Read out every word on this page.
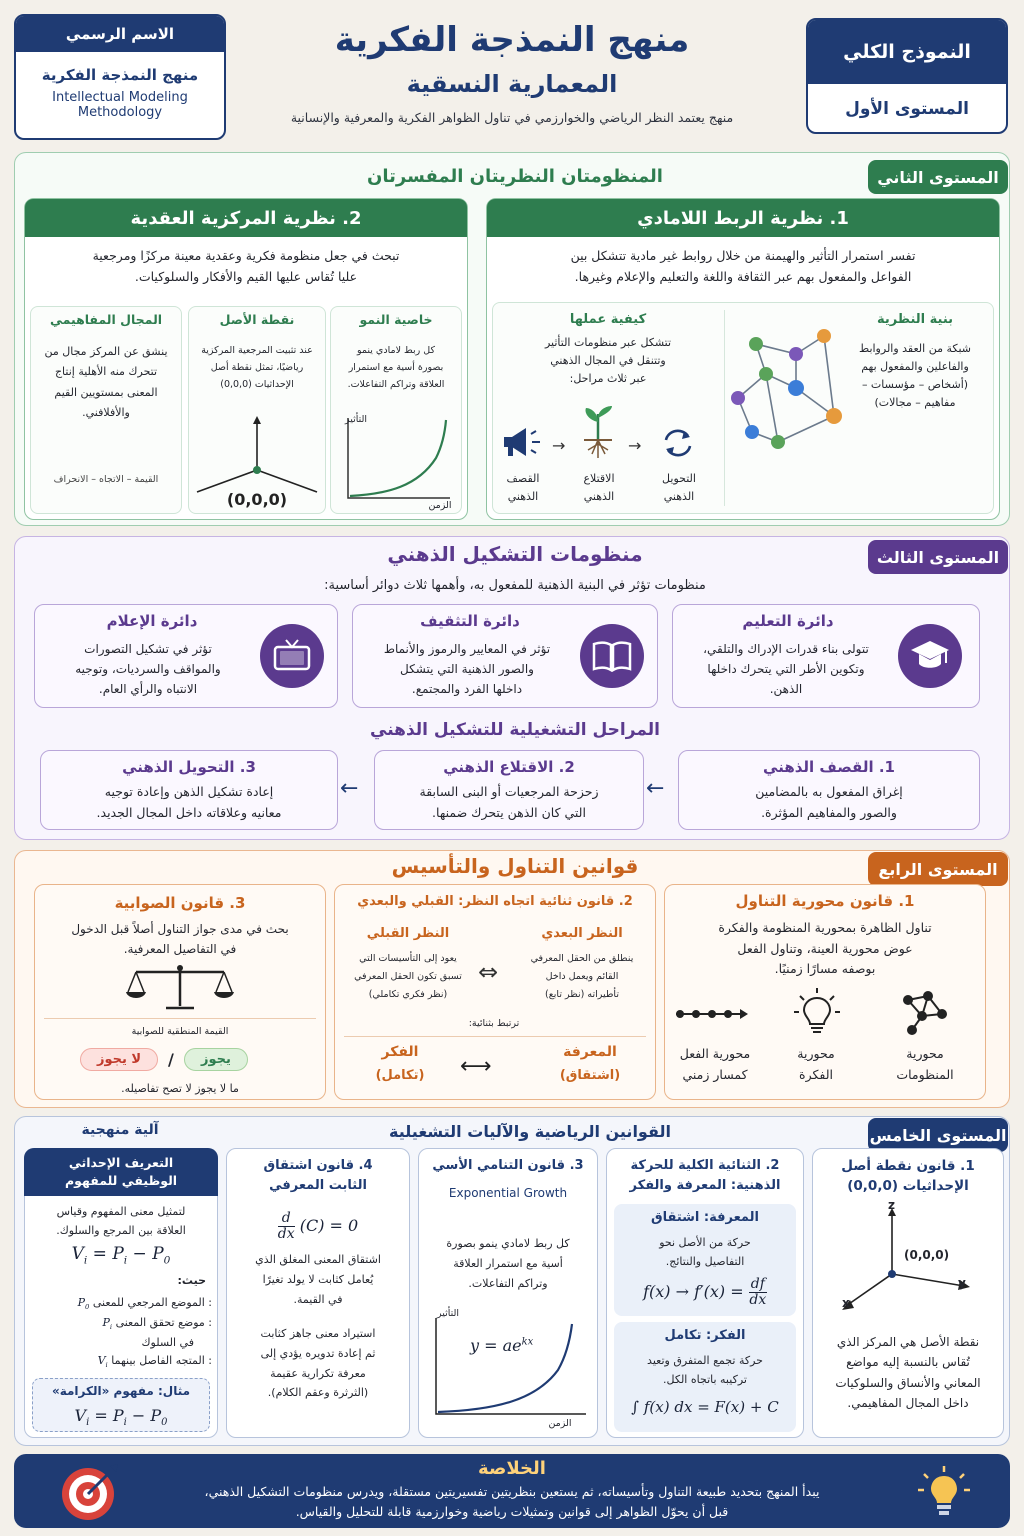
الاسم الرسمي
منهج النمذجة الفكرية
Intellectual Modeling
Methodology
منهج النمذجة الفكرية
المعمارية النسقية
منهج يعتمد النظر الرياضي والخوارزمي في تناول الظواهر الفكرية والمعرفية والإنسانية
النموذج الكلي
المستوى الأول
المستوى الثاني
المنظومتان النظريتان المفسرتان
1. نظرية الربط اللامادي
تفسر استمرار التأثير والهيمنة من خلال روابط غير مادية تتشكل بين
الفواعل والمفعول بهم عبر الثقافة واللغة والتعليم والإعلام وغيرها.
بنية النظرية
شبكة من العقد والروابط
والفاعلين والمفعول بهم
(أشخاص – مؤسسات –
مفاهيم – مجالات)
كيفية عملها
تتشكل عبر منظومات التأثير
وتتنقل في المجال الذهني
عبر ثلاث مراحل:
→	→
القصف
الذهني
الاقتلاع
الذهني
التحويل
الذهني
2. نظرية المركزية العقدية
تبحث في جعل منظومة فكرية وعقدية معينة مركزًا ومرجعية
عليا تُقاس عليها القيم والأفكار والسلوكيات.
خاصية النمو
كل ربط لامادي ينمو
بصورة أسية مع استمرار
العلاقة وتراكم التفاعلات.
التأثير
الزمن
نقطة الأصل
عند تثبيت المرجعية المركزية
رياضيًا، تمثل نقطة أصل
الإحداثيات (0,0,0)
(0,0,0)
المجال المفاهيمي
ينشق عن المركز مجال من
تتحرك منه الأهلية إنتاج
المعنى بمستويين القيم
والأفلافني.
القيمة – الاتجاه – الانحراف
المستوى الثالث
منظومات التشكيل الذهني
منظومات تؤثر في البنية الذهنية للمفعول به، وأهمها ثلاث دوائر أساسية:
دائرة التعليم
تتولى بناء قدرات الإدراك والتلقي،
وتكوين الأطر التي يتحرك داخلها
الذهن.
دائرة التثقيف
تؤثر في المعايير والرموز والأنماط
والصور الذهنية التي يتشكل
داخلها الفرد والمجتمع.
دائرة الإعلام
تؤثر في تشكيل التصورات
والمواقف والسرديات، وتوجيه
الانتباه والرأي العام.
المراحل التشغيلية للتشكيل الذهني
1. القصف الذهني
إغراق المفعول به بالمضامين
والصور والمفاهيم المؤثرة.
←
2. الاقتلاع الذهني
زحزحة المرجعيات أو البنى السابقة
التي كان الذهن يتحرك ضمنها.
←
3. التحويل الذهني
إعادة تشكيل الذهن وإعادة توجيه
معانيه وعلاقاته داخل المجال الجديد.
المستوى الرابع
قوانين التناول والتأسيس
1. قانون محورية التناول
تناول الظاهرة بمحورية المنظومة والفكرة
عوض محورية العينة، وتناول الفعل
بوصفه مسارًا زمنيًا.
محورية
المنظومات
محورية
الفكرة
محورية الفعل
كمسار زمني
2. قانون ثنائية اتجاه النظر: القبلي والبعدي
النظر البعدي
ينطلق من الحقل المعرفي
القائم ويعمل داخل
تأطيراته (نظر تابع)
⇔
النظر القبلي
يعود إلى التأسيسات التي
تسبق تكون الحقل المعرفي
(نظر فكري تكاملي)
ترتبط بثنائية:
المعرفة
(اشتقاق)
⟷
الفكر
(تكامل)
3. قانون الصوابية
بحث في مدى جواز التناول أصلاً قبل الدخول
في التفاصيل المعرفية.
القيمة المنطقية للصوابية
يجوز
/
لا يجوز
ما لا يجوز لا تصح تفاصيله.
المستوى الخامس
القوانين الرياضية والآليات التشغيلية
آلية منهجية
1. قانون نقطة أصل
الإحداثيات (0,0,0)
z
y
x
(0,0,0)
نقطة الأصل هي المركز الذي
تُقاس بالنسبة إليه مواضع
المعاني والأنساق والسلوكيات
داخل المجال المفاهيمي.
2. الثنائية الكلية للحركة
الذهنية: المعرفة والفكر
المعرفة: اشتقاق
حركة من الأصل نحو
التفاصيل والنتائج.
$f(x) \to f'(x) = \frac{df}{dx}$
الفكر: تكامل
حركة تجمع المتفرق وتعيد
تركيبه باتجاه الكل.
∫ f(x) dx = F(x) + C
3. قانون التنامي الأسي
Exponential Growth
كل ربط لامادي ينمو بصورة
أسية مع استمرار العلاقة
وتراكم التفاعلات.
التأثير
الزمن
$y = ae^{kx}$
4. قانون اشتقاق
الثابت المعرفي
$\frac{d}{dx} (C) = 0$
اشتقاق المعنى المغلق الذي
يُعامل كثابت لا يولد تغيرًا
في القيمة.
استيراد معنى جاهز كثابت
ثم إعادة تدويره يؤدي إلى
معرفة تكرارية عقيمة
(الثرثرة وعقم الكلام).
التعريف الإحداثي
الوظيفي للمفهوم
لتمثيل معنى المفهوم وقياس
العلاقة بين المرجع والسلوك.
$V_i = P_i - P_0$
حيث:
: الموضع المرجعي للمعنى $P_0$
: موضع تحقق المعنى $P_i$
في السلوك
: المتجه الفاصل بينهما $V_i$
مثال: مفهوم «الكرامة»
$V_i = P_i - P_0$
الخلاصة
يبدأ المنهج بتحديد طبيعة التناول وتأسيساته، ثم يستعين بنظريتين تفسيريتين مستقلة، ويدرس منظومات التشكيل الذهني،
قبل أن يحوّل الظواهر إلى قوانين وتمثيلات رياضية وخوارزمية قابلة للتحليل والقياس.
